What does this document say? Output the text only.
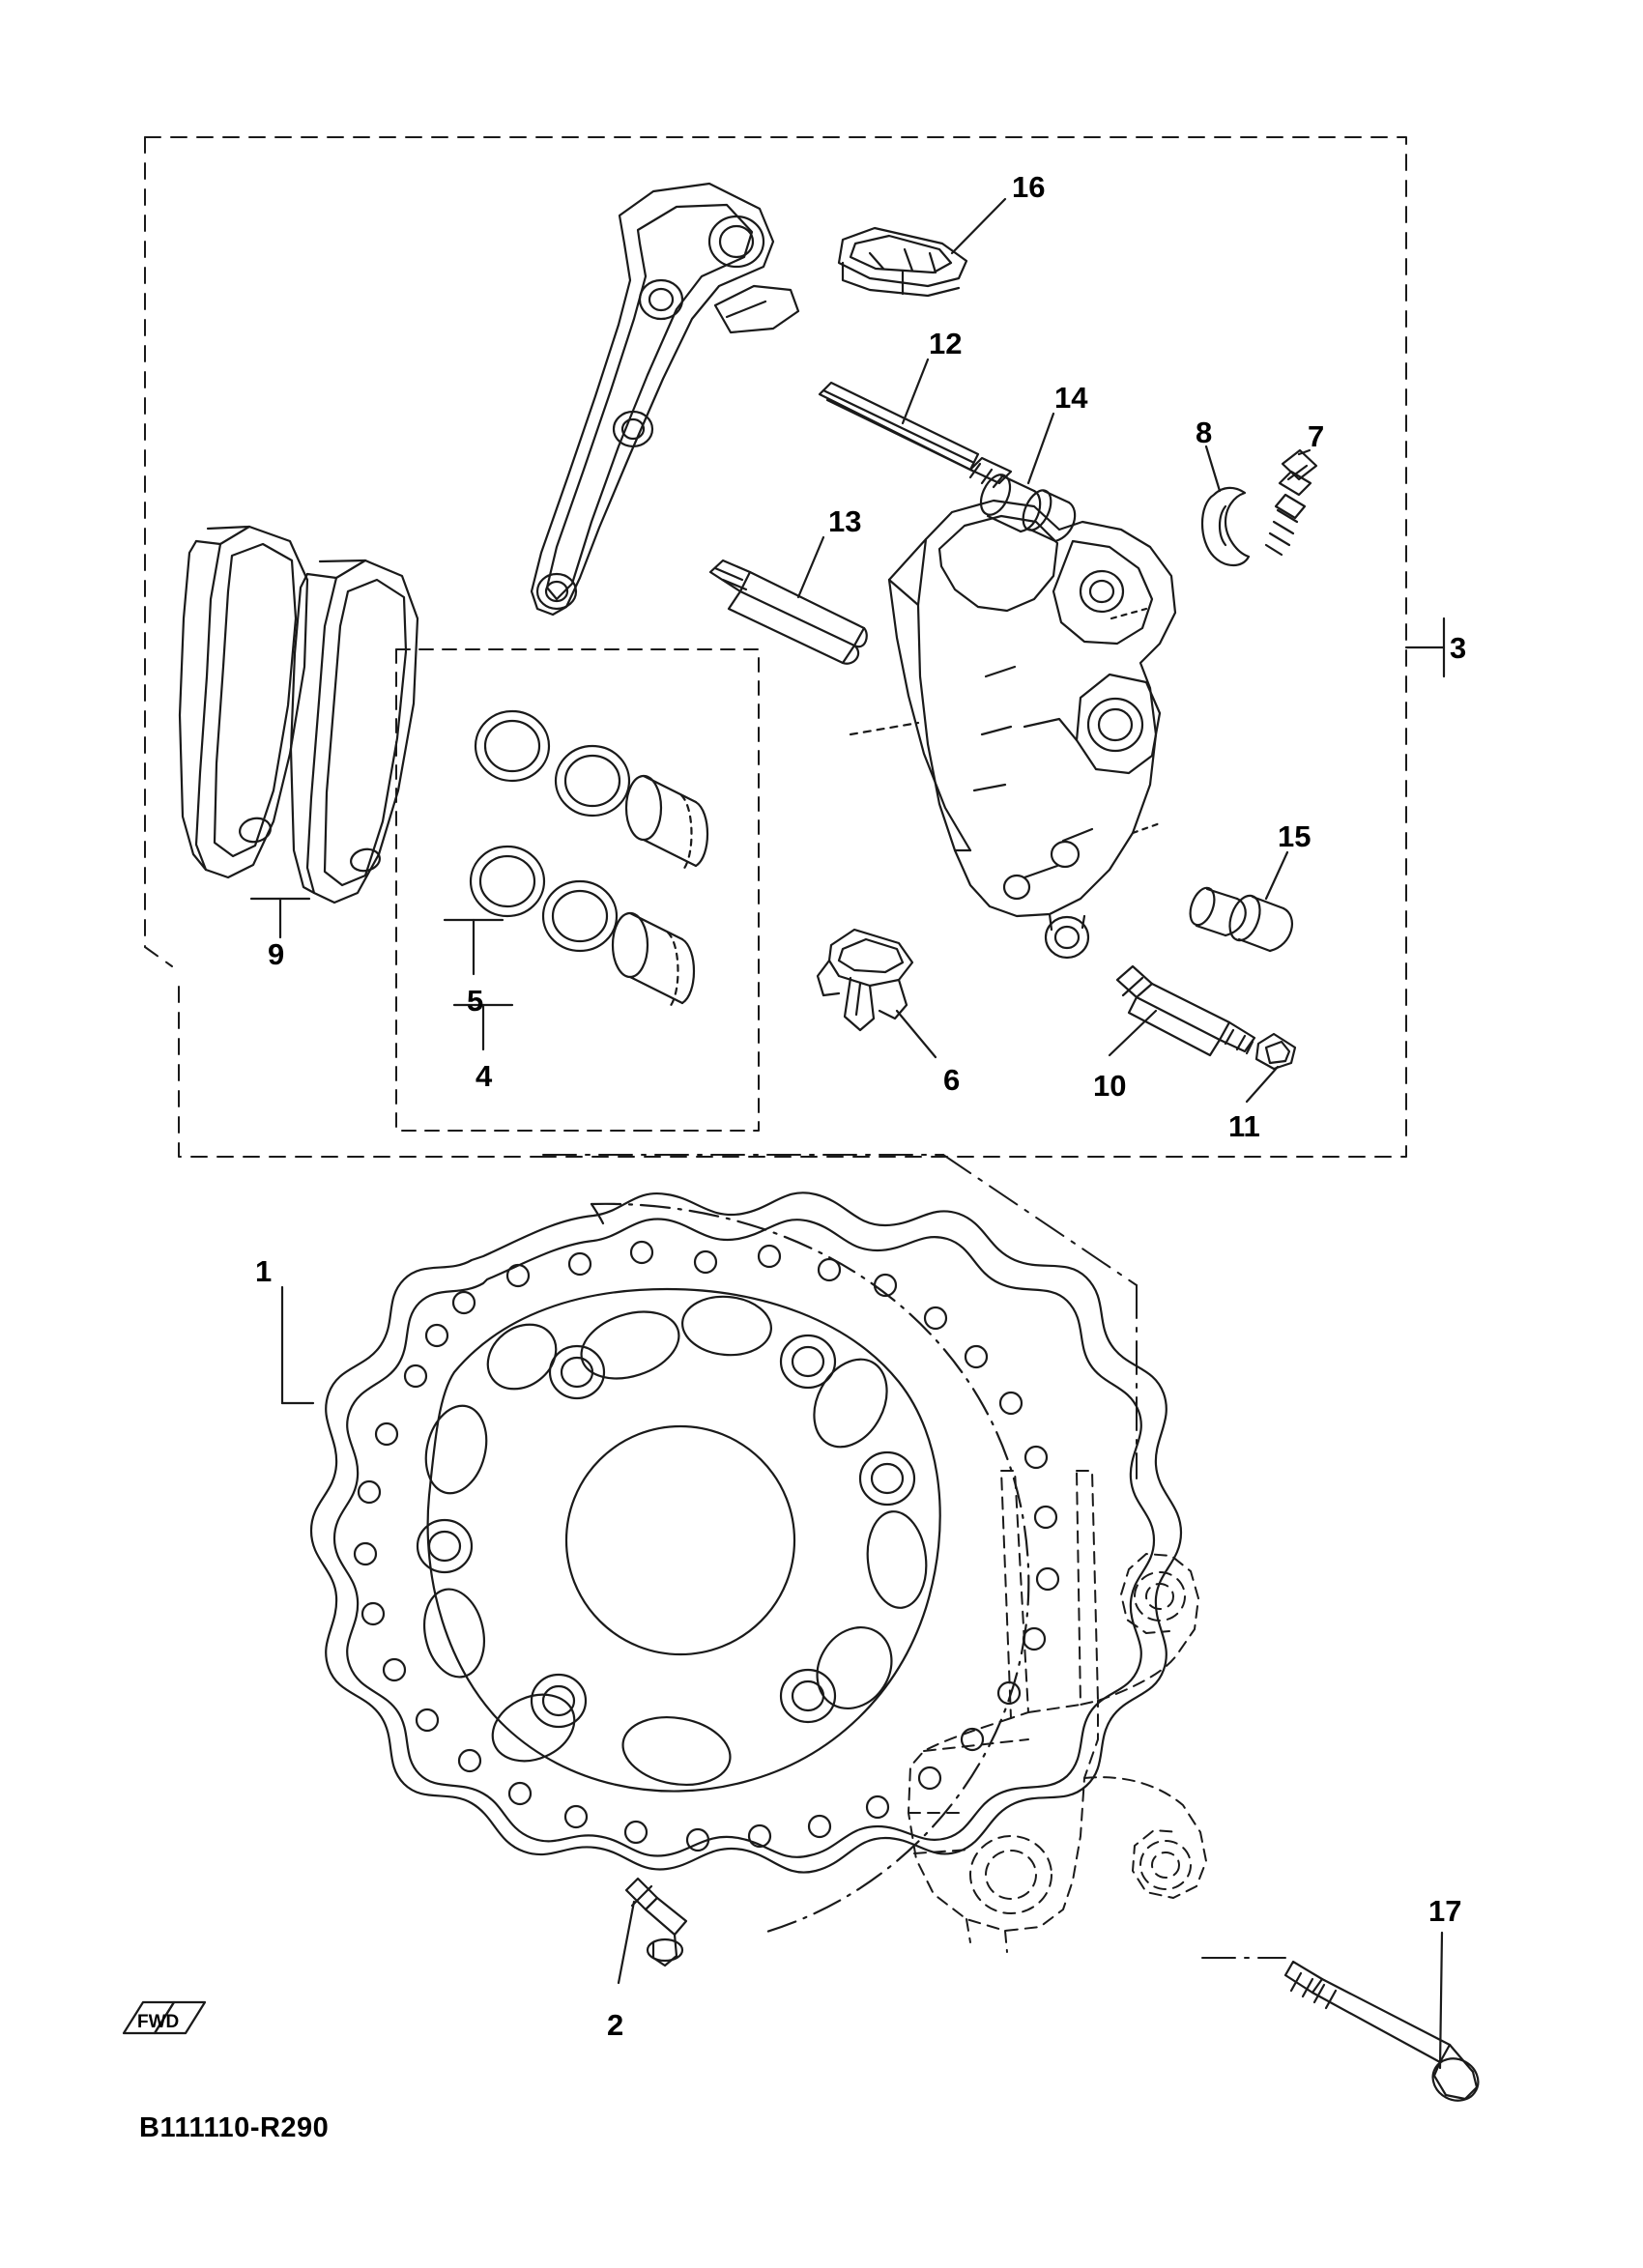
1
2
3
4
5
6
7
8
9
10
11
12
13
14
15
16
17
FWD
B111110-R290
